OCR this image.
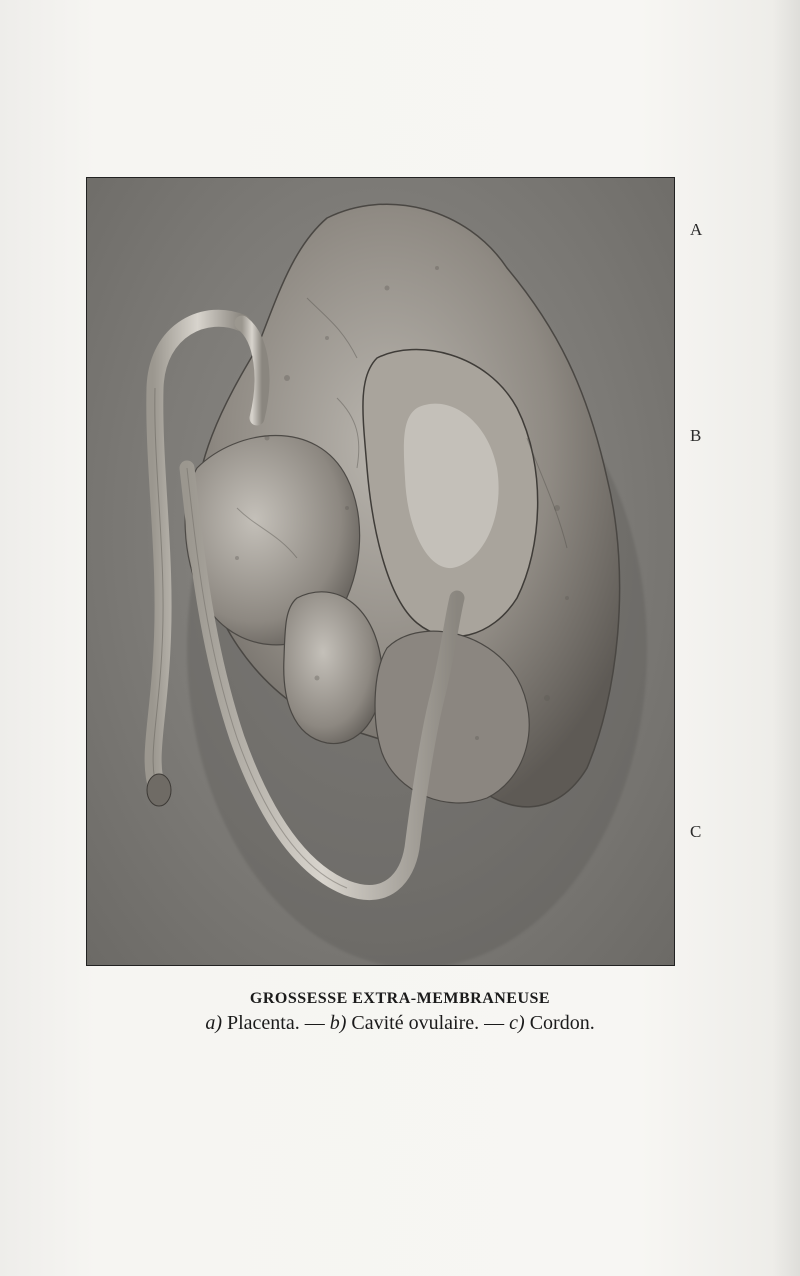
A
B
C
GROSSESSE EXTRA-MEMBRANEUSE
a) Placenta. — b) Cavité ovulaire. — c) Cordon.
